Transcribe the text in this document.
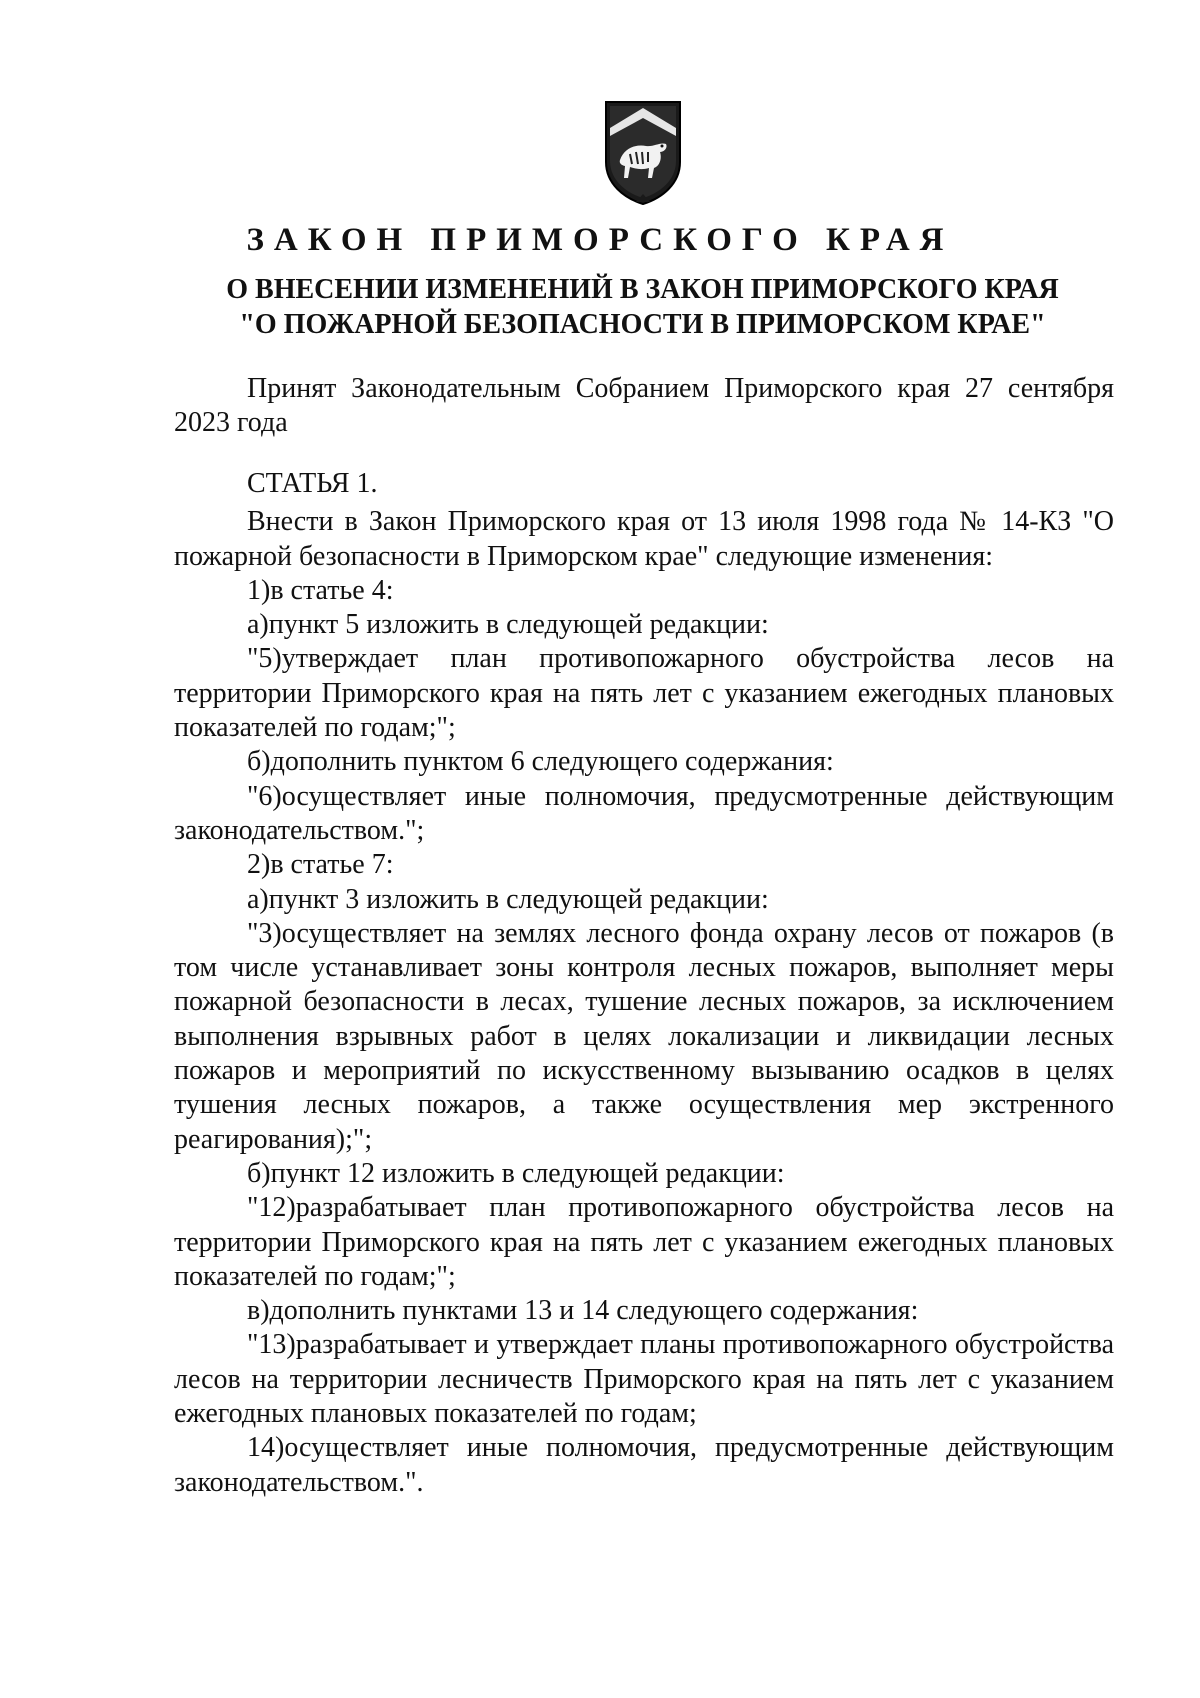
ЗАКОН ПРИМОРСКОГО КРАЯ
О ВНЕСЕНИИ ИЗМЕНЕНИЙ В ЗАКОН ПРИМОРСКОГО КРАЯ
"О ПОЖАРНОЙ БЕЗОПАСНОСТИ В ПРИМОРСКОМ КРАЕ"

Принят Законодательным Собранием Приморского края 27 сентября 2023 года

СТАТЬЯ 1.

Внести в Закон Приморского края от 13 июля 1998 года № 14-КЗ "О пожарной безопасности в Приморском крае" следующие изменения:

1)в статье 4:

а)пункт 5 изложить в следующей редакции:

"5)утверждает план противопожарного обустройства лесов на территории Приморского края на пять лет с указанием ежегодных плановых показателей по годам;";

б)дополнить пунктом 6 следующего содержания:

"6)осуществляет иные полномочия, предусмотренные действующим законодательством.";

2)в статье 7:

а)пункт 3 изложить в следующей редакции:

"3)осуществляет на землях лесного фонда охрану лесов от пожаров (в том числе устанавливает зоны контроля лесных пожаров, выполняет меры пожарной безопасности в лесах, тушение лесных пожаров, за исключением выполнения взрывных работ в целях локализации и ликвидации лесных пожаров и мероприятий по искусственному вызыванию осадков в целях тушения лесных пожаров, а также осуществления мер экстренного реагирования);";

б)пункт 12 изложить в следующей редакции:

"12)разрабатывает план противопожарного обустройства лесов на территории Приморского края на пять лет с указанием ежегодных плановых показателей по годам;";

в)дополнить пунктами 13 и 14 следующего содержания:

"13)разрабатывает и утверждает планы противопожарного обустройства лесов на территории лесничеств Приморского края на пять лет с указанием ежегодных плановых показателей по годам;

14)осуществляет иные полномочия, предусмотренные действующим законодательством.".
